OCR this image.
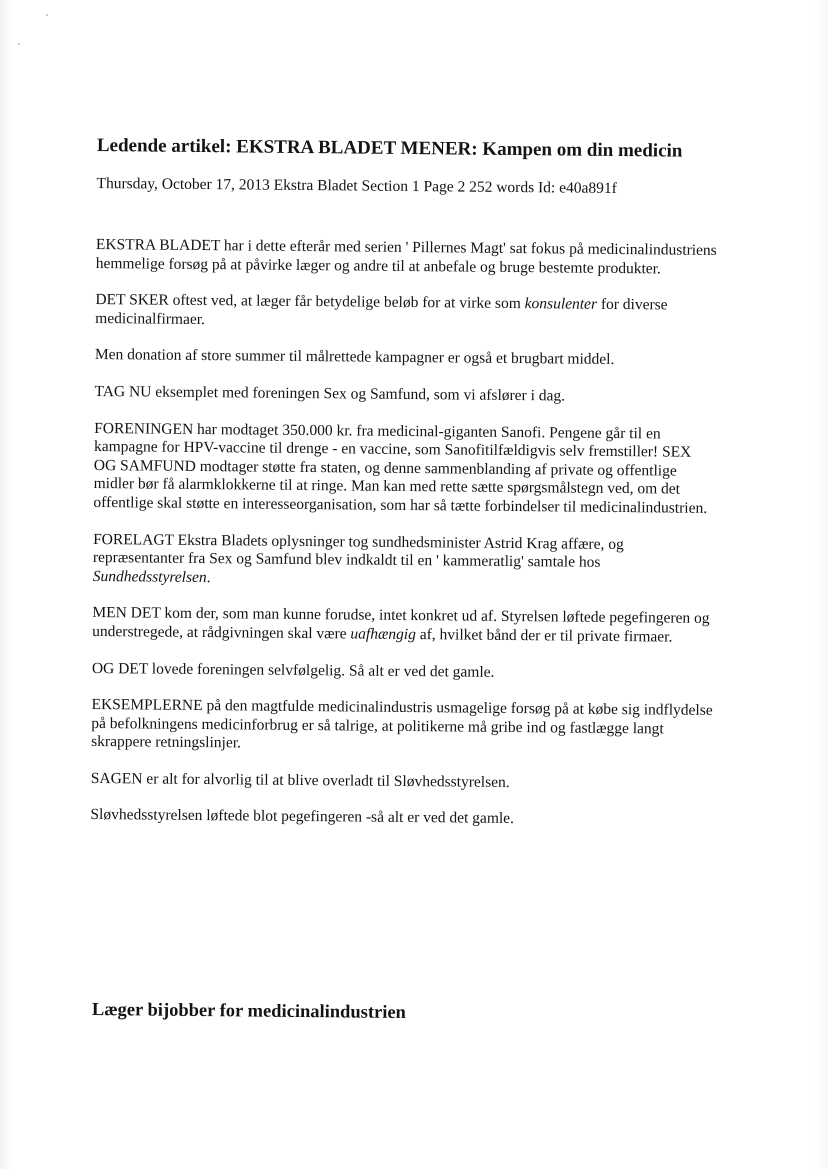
Ledende artikel: EKSTRA BLADET MENER: Kampen om din medicin

Thursday, October 17, 2013 Ekstra Bladet Section 1 Page 2 252 words Id: e40a891f

EKSTRA BLADET har i dette efterår med serien ' Pillernes Magt' sat fokus på medicinalindustriens hemmelige forsøg på at påvirke læger og andre til at anbefale og bruge bestemte produkter.

DET SKER oftest ved, at læger får betydelige beløb for at virke som konsulenter for diverse medicinalfirmaer.

Men donation af store summer til målrettede kampagner er også et brugbart middel.

TAG NU eksemplet med foreningen Sex og Samfund, som vi afslører i dag.

FORENINGEN har modtaget 350.000 kr. fra medicinal-giganten Sanofi. Pengene går til en kampagne for HPV-vaccine til drenge - en vaccine, som Sanofitilfældigvis selv fremstiller! SEX OG SAMFUND modtager støtte fra staten, og denne sammenblanding af private og offentlige midler bør få alarmklokkerne til at ringe. Man kan med rette sætte spørgsmålstegn ved, om det offentlige skal støtte en interesseorganisation, som har så tætte forbindelser til medicinalindustrien.

FORELAGT Ekstra Bladets oplysninger tog sundhedsminister Astrid Krag affære, og repræsentanter fra Sex og Samfund blev indkaldt til en ' kammeratlig' samtale hos Sundhedsstyrelsen.

MEN DET kom der, som man kunne forudse, intet konkret ud af. Styrelsen løftede pegefingeren og understregede, at rådgivningen skal være uafhængig af, hvilket bånd der er til private firmaer.

OG DET lovede foreningen selvfølgelig. Så alt er ved det gamle.

EKSEMPLERNE på den magtfulde medicinalindustris usmagelige forsøg på at købe sig indflydelse på befolkningens medicinforbrug er så talrige, at politikerne må gribe ind og fastlægge langt skrappere retningslinjer.

SAGEN er alt for alvorlig til at blive overladt til Sløvhedsstyrelsen.

Sløvhedsstyrelsen løftede blot pegefingeren -så alt er ved det gamle.

Læger bijobber for medicinalindustrien
